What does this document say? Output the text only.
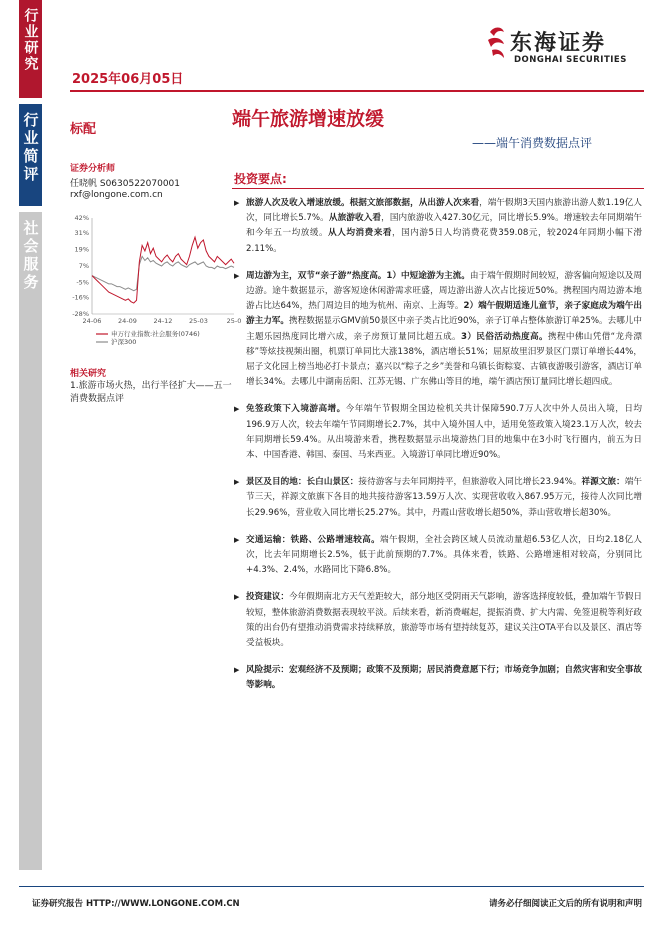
行业研究
行业简评
社会服务
2025年06月05日
东海证券
DONGHAI SECURITIES
标配	端午旅游增速放缓
——端午消费数据点评
证券分析师
任晓帆 S0630522070001
rxf@longone.com.cn
42%
31%
19%
7%
-5%
-16%
-28%
24-06	24-09	24-12	25-03	25-0
申万行业指数:社会服务(0746)
沪深300
相关研究
1.旅游市场火热，出行半径扩大——五一消费数据点评
投资要点:
▶ 旅游人次及收入增速放缓。根据文旅部数据，从出游人次来看，端午假期3天国内旅游出游人数1.19亿人次，同比增长5.7%。从旅游收入看，国内旅游收入427.30亿元，同比增长5.9%。增速较去年同期端午和今年五一均放缓。从人均消费来看，国内游5日人均消费花费359.08元，较2024年同期小幅下滑2.11%。
▶ 周边游为主，双节“亲子游”热度高。1）中短途游为主流。由于端午假期时间较短，游客偏向短途以及周边游。途牛数据显示，游客短途休闲游需求旺盛，周边游出游人次占比接近50%。携程国内周边游本地游占比达64%，热门周边目的地为杭州、南京、上海等。2）端午假期适逢儿童节，亲子家庭成为端午出游主力军。携程数据显示GMV前50景区中亲子类占比近90%，亲子订单占整体旅游订单25%。去哪儿中主题乐园热度同比增六成，亲子房预订量同比超五成。3）民俗活动热度高。携程中佛山凭借“龙舟漂移”等炫技视频出圈，机票订单同比大涨138%，酒店增长51%；屈原故里汨罗景区门票订单增长44%，屈子文化园上榜当地必打卡景点；嘉兴以“粽子之乡”美誉和乌镇长街粽宴、古镇夜游吸引游客，酒店订单增长34%。去哪儿中湖南岳阳、江苏无锡、广东佛山等目的地，端午酒店预订量同比增长超四成。
▶ 免签政策下入境游高增。今年端午节假期全国边检机关共计保障590.7万人次中外人员出入境，日均196.9万人次，较去年端午节同期增长2.7%，其中入境外国人中，适用免签政策入境23.1万人次，较去年同期增长59.4%。从出境游来看，携程数据显示出境游热门目的地集中在3小时飞行圈内，前五为日本、中国香港、韩国、泰国、马来西亚。入境游订单同比增近90%。
▶ 景区及目的地：长白山景区：接待游客与去年同期持平，但旅游收入同比增长23.94%。祥源文旅：端午节三天，祥源文旅旗下各目的地共接待游客13.59万人次、实现营收收入867.95万元，接待人次同比增长29.96%，营业收入同比增长25.27%。其中，丹霞山营收增长超50%，莽山营收增长超30%。
▶ 交通运输：铁路、公路增速较高。端午假期，全社会跨区域人员流动量超6.53亿人次，日均2.18亿人次，比去年同期增长2.5%，低于此前预期的7.7%。具体来看，铁路、公路增速相对较高，分别同比+4.3%、2.4%，水路同比下降6.8%。
▶ 投资建议：今年假期南北方天气差距较大，部分地区受阴雨天气影响，游客选择度较低，叠加端午节假日较短，整体旅游消费数据表现较平淡。后续来看，新消费崛起，提振消费、扩大内需、免签退税等利好政策的出台仍有望推动消费需求持续释放，旅游等市场有望持续复苏，建议关注OTA平台以及景区、酒店等受益板块。
▶ 风险提示：宏观经济不及预期；政策不及预期；居民消费意愿下行；市场竞争加剧；自然灾害和安全事故等影响。
证券研究报告 HTTP://WWW.LONGONE.COM.CN	请务必仔细阅读正文后的所有说明和声明
